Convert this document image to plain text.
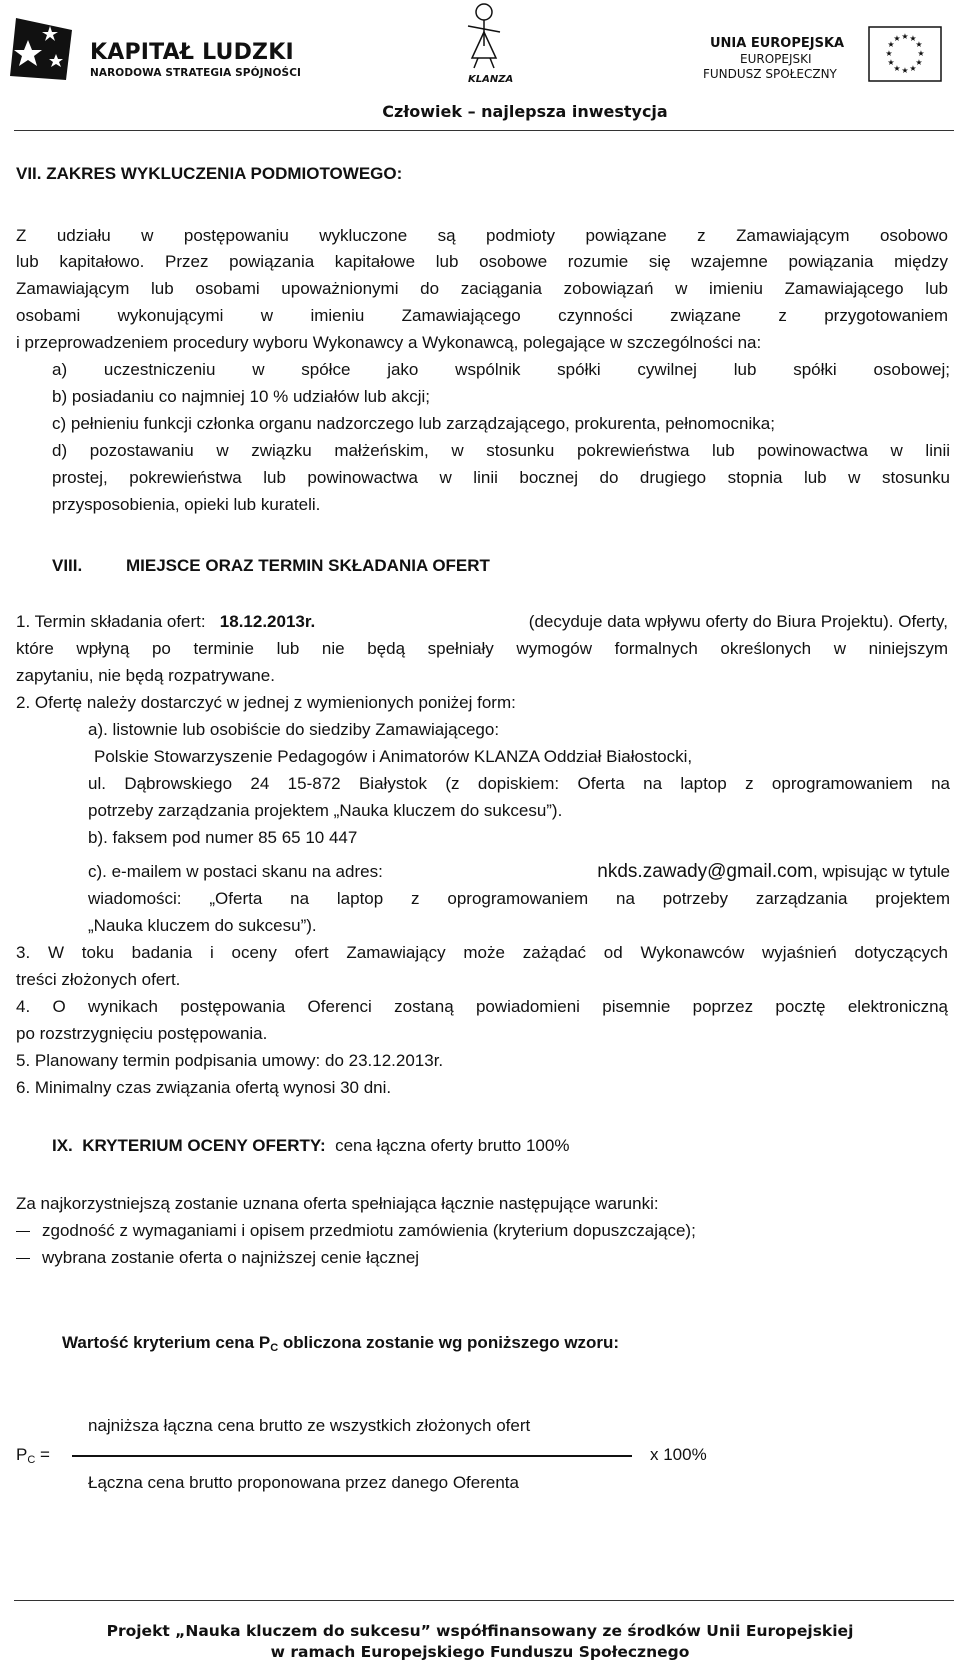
KAPITAŁ LUDZKI
NARODOWA STRATEGIA SPÓJNOŚCI
KLANZA
UNIA EUROPEJSKA
EUROPEJSKI
FUNDUSZ SPOŁECZNY
★ ★
★
★
★
★
★
★
★
★
★
★
Człowiek – najlepsza inwestycja
VII. ZAKRES WYKLUCZENIA PODMIOTOWEGO:
Z udziału w postępowaniu wykluczone są podmioty powiązane z Zamawiającym osobowo
lub kapitałowo. Przez powiązania kapitałowe lub osobowe rozumie się wzajemne powiązania między
Zamawiającym lub osobami upoważnionymi do zaciągania zobowiązań w imieniu Zamawiającego lub
osobami wykonującymi w imieniu Zamawiającego czynności związane z przygotowaniem
i przeprowadzeniem procedury wyboru Wykonawcy a Wykonawcą, polegające w szczególności na:
a) uczestniczeniu w spółce jako wspólnik spółki cywilnej lub spółki osobowej;
b) posiadaniu co najmniej 10 % udziałów lub akcji;
c) pełnieniu funkcji członka organu nadzorczego lub zarządzającego, prokurenta, pełnomocnika;
d) pozostawaniu w związku małżeńskim, w stosunku pokrewieństwa lub powinowactwa w linii
prostej, pokrewieństwa lub powinowactwa w linii bocznej do drugiego stopnia lub w stosunku
przysposobienia, opieki lub kurateli.
VIII.	MIEJSCE ORAZ TERMIN SKŁADANIA OFERT
1. Termin składania ofert: 18.12.2013r.	(decyduje data wpływu oferty do Biura Projektu). Oferty,
które wpłyną po terminie lub nie będą spełniały wymogów formalnych określonych w niniejszym
zapytaniu, nie będą rozpatrywane.
2. Ofertę należy dostarczyć w jednej z wymienionych poniżej form:
a). listownie lub osobiście do siedziby Zamawiającego:
Polskie Stowarzyszenie Pedagogów i Animatorów KLANZA Oddział Białostocki,
ul. Dąbrowskiego 24 15-872 Białystok (z dopiskiem: Oferta na laptop z oprogramowaniem na
potrzeby zarządzania projektem „Nauka kluczem do sukcesu”).
b). faksem pod numer 85 65 10 447
c). e-mailem w postaci skanu na adres:	nkds.zawady@gmail.com, wpisując w tytule
wiadomości: „Oferta na laptop z oprogramowaniem na potrzeby zarządzania projektem
„Nauka kluczem do sukcesu”).
3. W toku badania i oceny ofert Zamawiający może zażądać od Wykonawców wyjaśnień dotyczących
treści złożonych ofert.
4. O wynikach postępowania Oferenci zostaną powiadomieni pisemnie poprzez pocztę elektroniczną
po rozstrzygnięciu postępowania.
5. Planowany termin podpisania umowy: do 23.12.2013r.
6. Minimalny czas związania ofertą wynosi 30 dni.
IX. KRYTERIUM OCENY OFERTY: cena łączna oferty brutto 100%
Za najkorzystniejszą zostanie uznana oferta spełniająca łącznie następujące warunki:
zgodność z wymaganiami i opisem przedmiotu zamówienia (kryterium dopuszczające);
wybrana zostanie oferta o najniższej cenie łącznej
Wartość kryterium cena $P_C$ obliczona zostanie wg poniższego wzoru:
najniższa łączna cena brutto ze wszystkich złożonych ofert
$P_C$ =	x 100%
Łączna cena brutto proponowana przez danego Oferenta
Projekt „Nauka kluczem do sukcesu” współfinansowany ze środków Unii Europejskiej
w ramach Europejskiego Funduszu Społecznego
